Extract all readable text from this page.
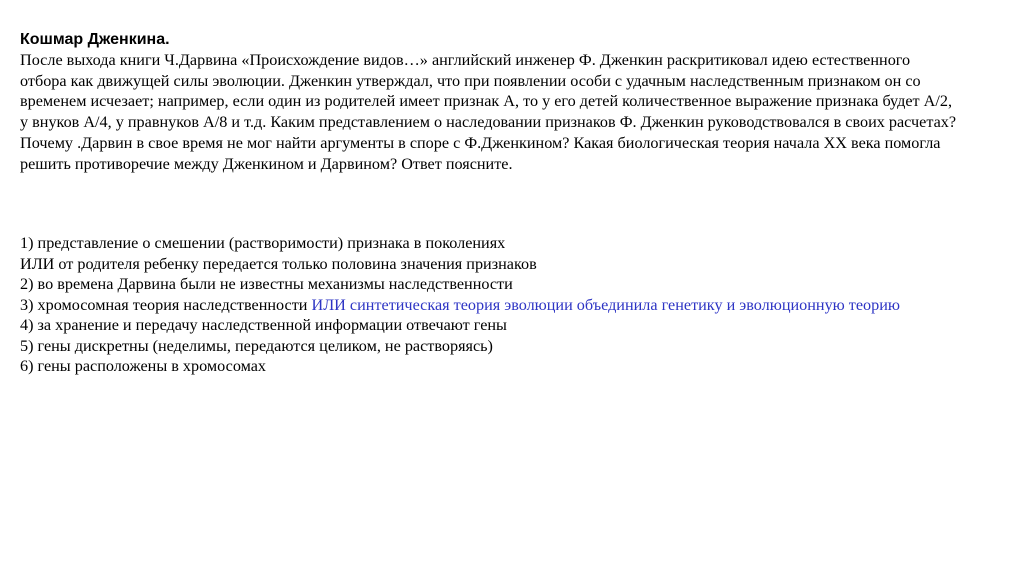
Кошмар Дженкина.

После выхода книги Ч.Дарвина «Происхождение видов…» английский инженер Ф. Дженкин раскритиковал идею естественного
отбора как движущей силы эволюции. Дженкин утверждал, что при появлении особи с удачным наследственным признаком он со
временем исчезает; например, если один из родителей имеет признак А, то у его детей количественное выражение признака будет А/2,
у внуков А/4, у правнуков А/8 и т.д. Каким представлением о наследовании признаков Ф. Дженкин руководствовался в своих расчетах?
Почему .Дарвин в свое время не мог найти аргументы в споре с Ф.Дженкином? Какая биологическая теория начала ХХ века помогла
решить противоречие между Дженкином и Дарвином? Ответ поясните.

1) представление о смешении (растворимости) признака в поколениях

ИЛИ от родителя ребенку передается только половина значения признаков

2) во времена Дарвина были не известны механизмы наследственности

3) хромосомная теория наследственности ИЛИ синтетическая теория эволюции объединила генетику и эволюционную теорию

4) за хранение и передачу наследственной информации отвечают гены

5) гены дискретны (неделимы, передаются целиком, не растворяясь)

6) гены расположены в хромосомах
